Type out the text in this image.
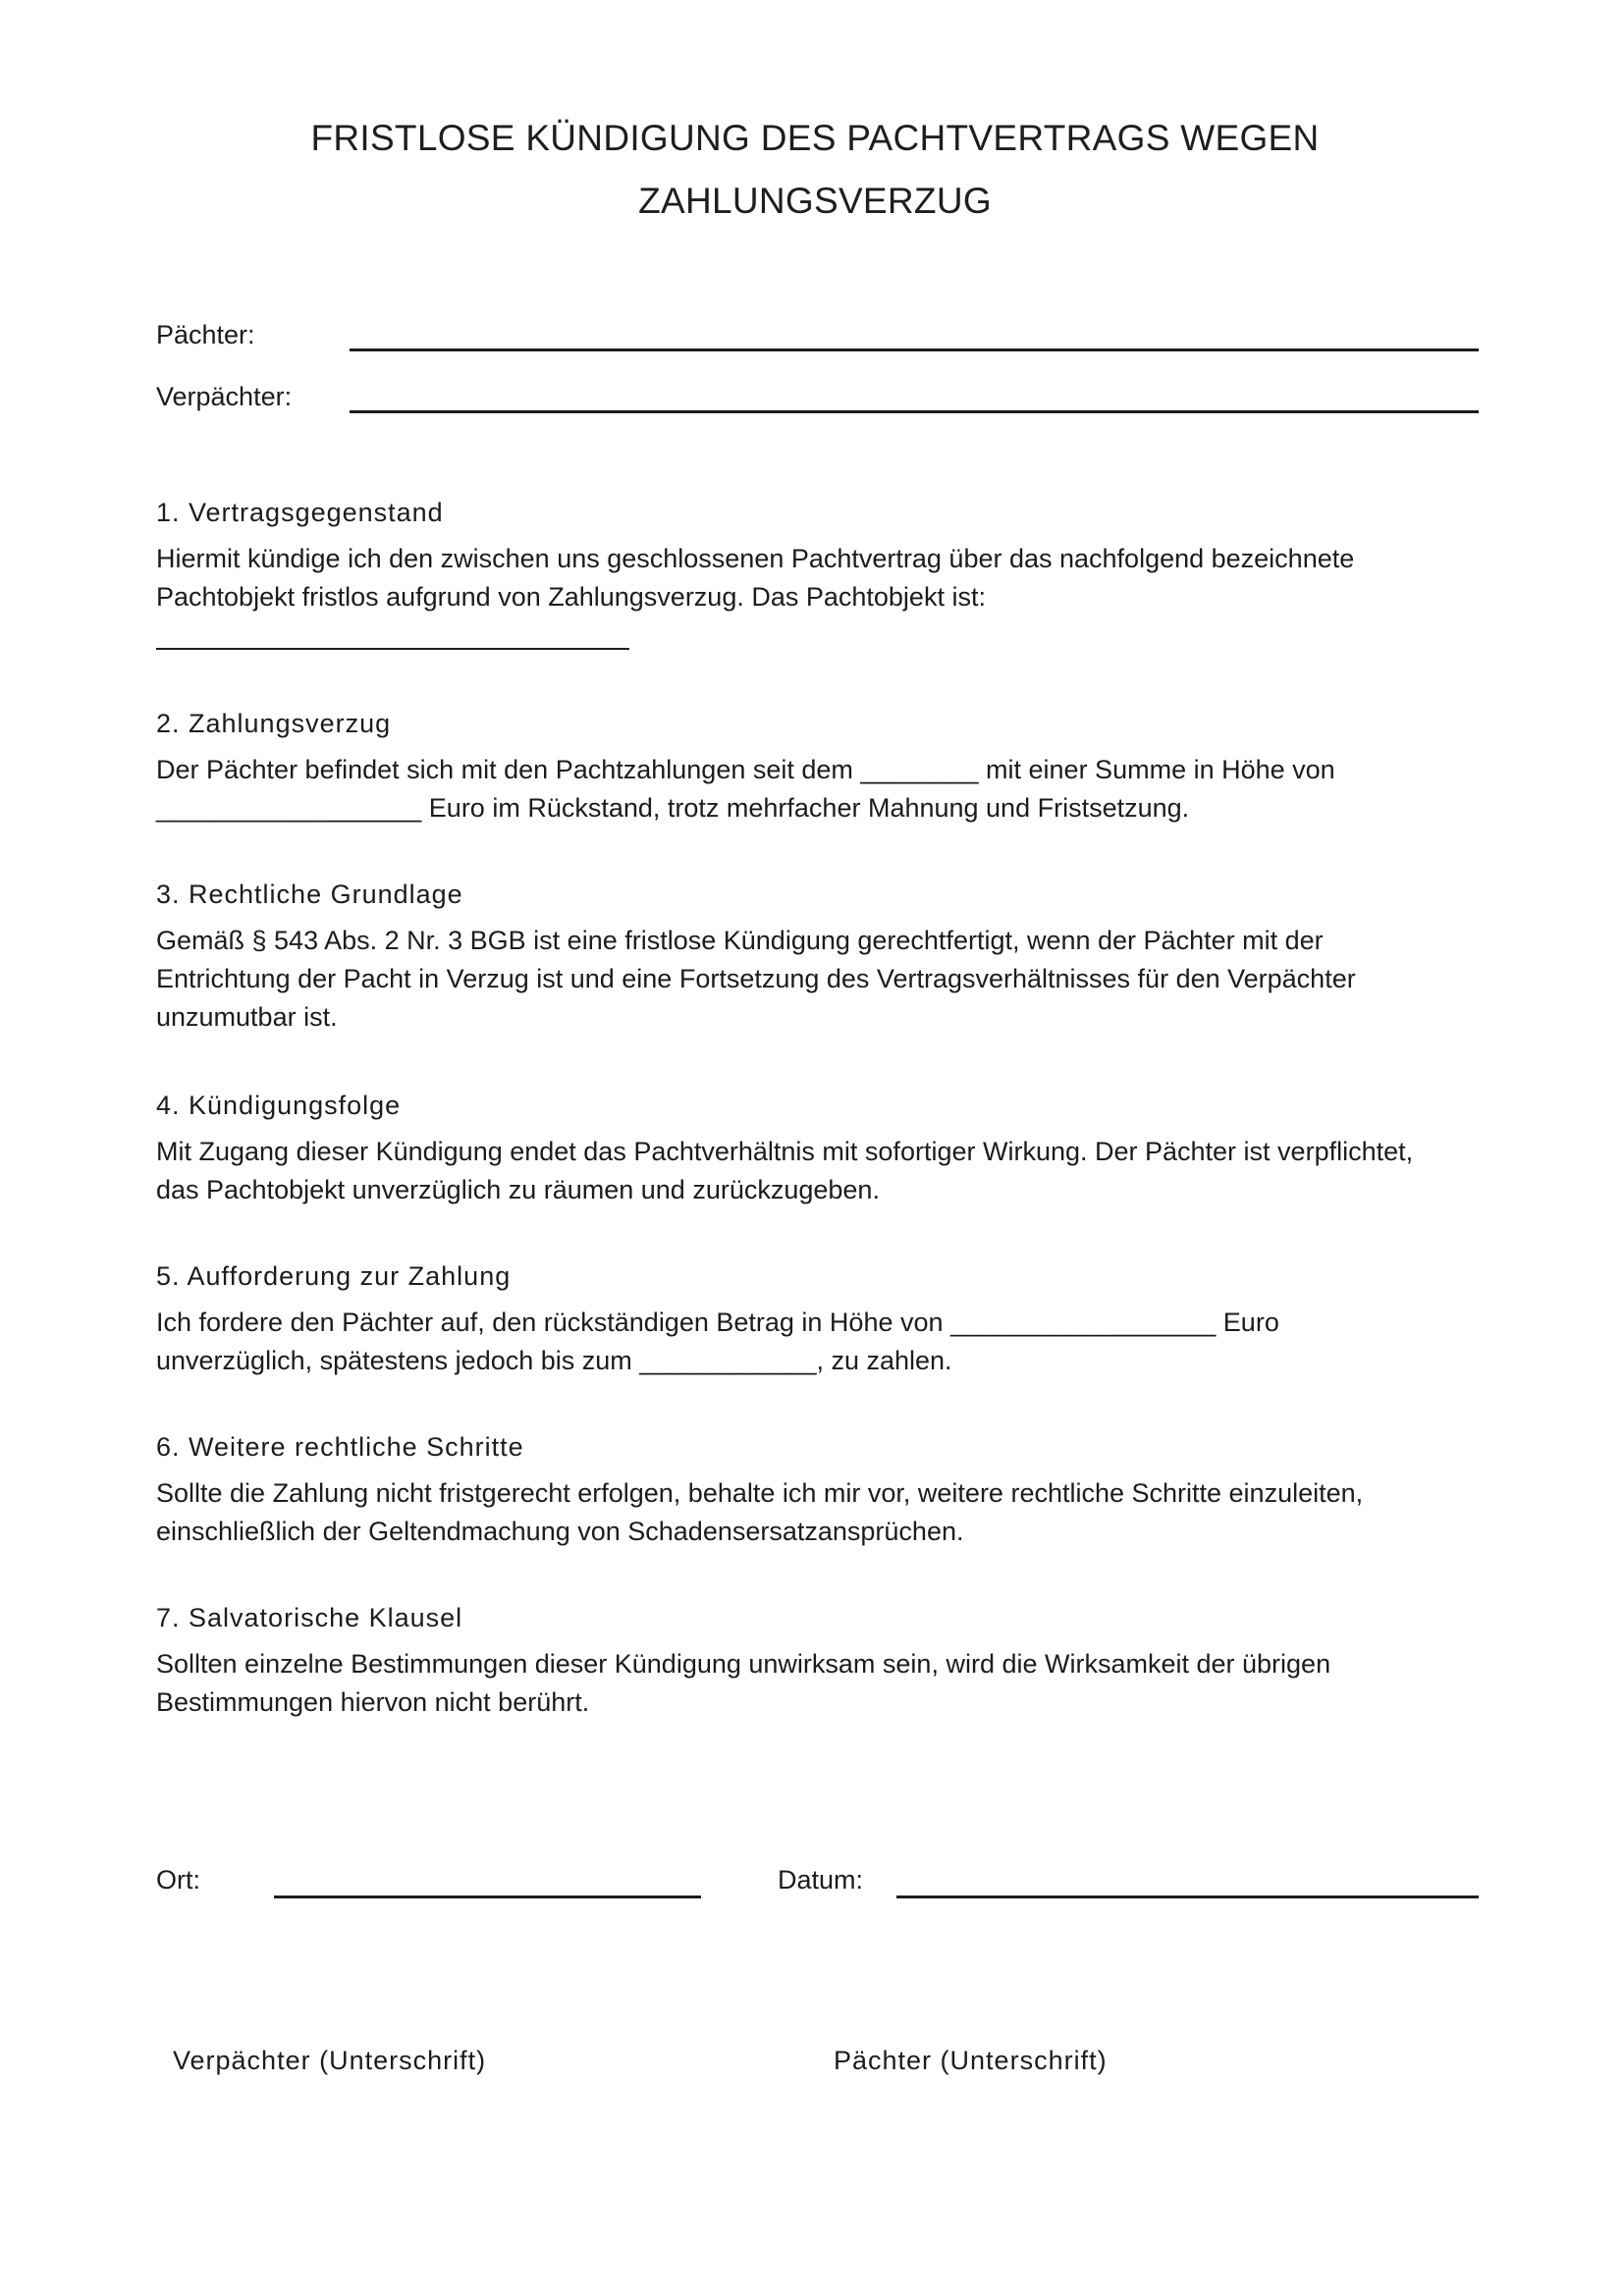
FRISTLOSE KÜNDIGUNG DES PACHTVERTRAGS WEGEN
ZAHLUNGSVERZUG
Pächter:
Verpächter:
1. Vertragsgegenstand
Hiermit kündige ich den zwischen uns geschlossenen Pachtvertrag über das nachfolgend bezeichnete
Pachtobjekt fristlos aufgrund von Zahlungsverzug. Das Pachtobjekt ist:
2. Zahlungsverzug
Der Pächter befindet sich mit den Pachtzahlungen seit dem ________ mit einer Summe in Höhe von
__________________ Euro im Rückstand, trotz mehrfacher Mahnung und Fristsetzung.
3. Rechtliche Grundlage
Gemäß § 543 Abs. 2 Nr. 3 BGB ist eine fristlose Kündigung gerechtfertigt, wenn der Pächter mit der
Entrichtung der Pacht in Verzug ist und eine Fortsetzung des Vertragsverhältnisses für den Verpächter
unzumutbar ist.
4. Kündigungsfolge
Mit Zugang dieser Kündigung endet das Pachtverhältnis mit sofortiger Wirkung. Der Pächter ist verpflichtet,
das Pachtobjekt unverzüglich zu räumen und zurückzugeben.
5. Aufforderung zur Zahlung
Ich fordere den Pächter auf, den rückständigen Betrag in Höhe von __________________ Euro
unverzüglich, spätestens jedoch bis zum ____________, zu zahlen.
6. Weitere rechtliche Schritte
Sollte die Zahlung nicht fristgerecht erfolgen, behalte ich mir vor, weitere rechtliche Schritte einzuleiten,
einschließlich der Geltendmachung von Schadensersatzansprüchen.
7. Salvatorische Klausel
Sollten einzelne Bestimmungen dieser Kündigung unwirksam sein, wird die Wirksamkeit der übrigen
Bestimmungen hiervon nicht berührt.
Ort:	Datum:
Verpächter (Unterschrift)	Pächter (Unterschrift)
